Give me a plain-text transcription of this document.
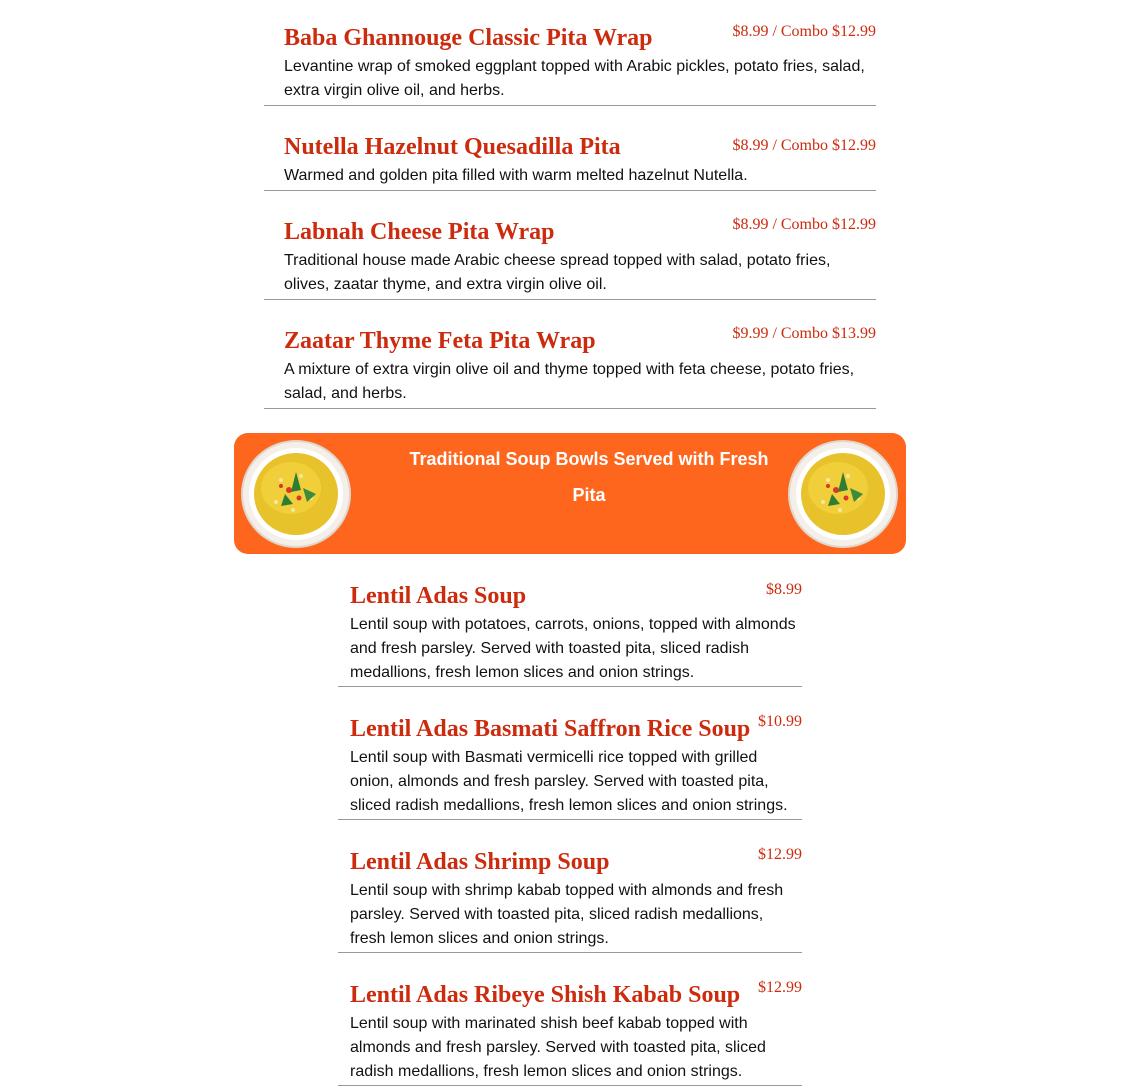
Baba Ghannouge Classic Pita Wrap	$8.99 / Combo $12.99
Levantine wrap of smoked eggplant topped with Arabic pickles, potato fries, salad, extra virgin olive oil, and herbs.
Nutella Hazelnut Quesadilla Pita	$8.99 / Combo $12.99
Warmed and golden pita filled with warm melted hazelnut Nutella.
Labnah Cheese Pita Wrap	$8.99 / Combo $12.99
Traditional house made Arabic cheese spread topped with salad, potato fries, olives, zaatar thyme, and extra virgin olive oil.
Zaatar Thyme Feta Pita Wrap	$9.99 / Combo $13.99
A mixture of extra virgin olive oil and thyme topped with feta cheese, potato fries, salad, and herbs.
Traditional Soup Bowls Served with Fresh Pita
Lentil Adas Soup	$8.99
Lentil soup with potatoes, carrots, onions, topped with almonds and fresh parsley. Served with toasted pita, sliced radish medallions, fresh lemon slices and onion strings.
Lentil Adas Basmati Saffron Rice Soup $10.99
Lentil soup with Basmati vermicelli rice topped with grilled onion, almonds and fresh parsley. Served with toasted pita, sliced radish medallions, fresh lemon slices and onion strings.
Lentil Adas Shrimp Soup	$12.99
Lentil soup with shrimp kabab topped with almonds and fresh parsley. Served with toasted pita, sliced radish medallions, fresh lemon slices and onion strings.
Lentil Adas Ribeye Shish Kabab Soup $12.99
Lentil soup with marinated shish beef kabab topped with almonds and fresh parsley. Served with toasted pita, sliced radish medallions, fresh lemon slices and onion strings.
